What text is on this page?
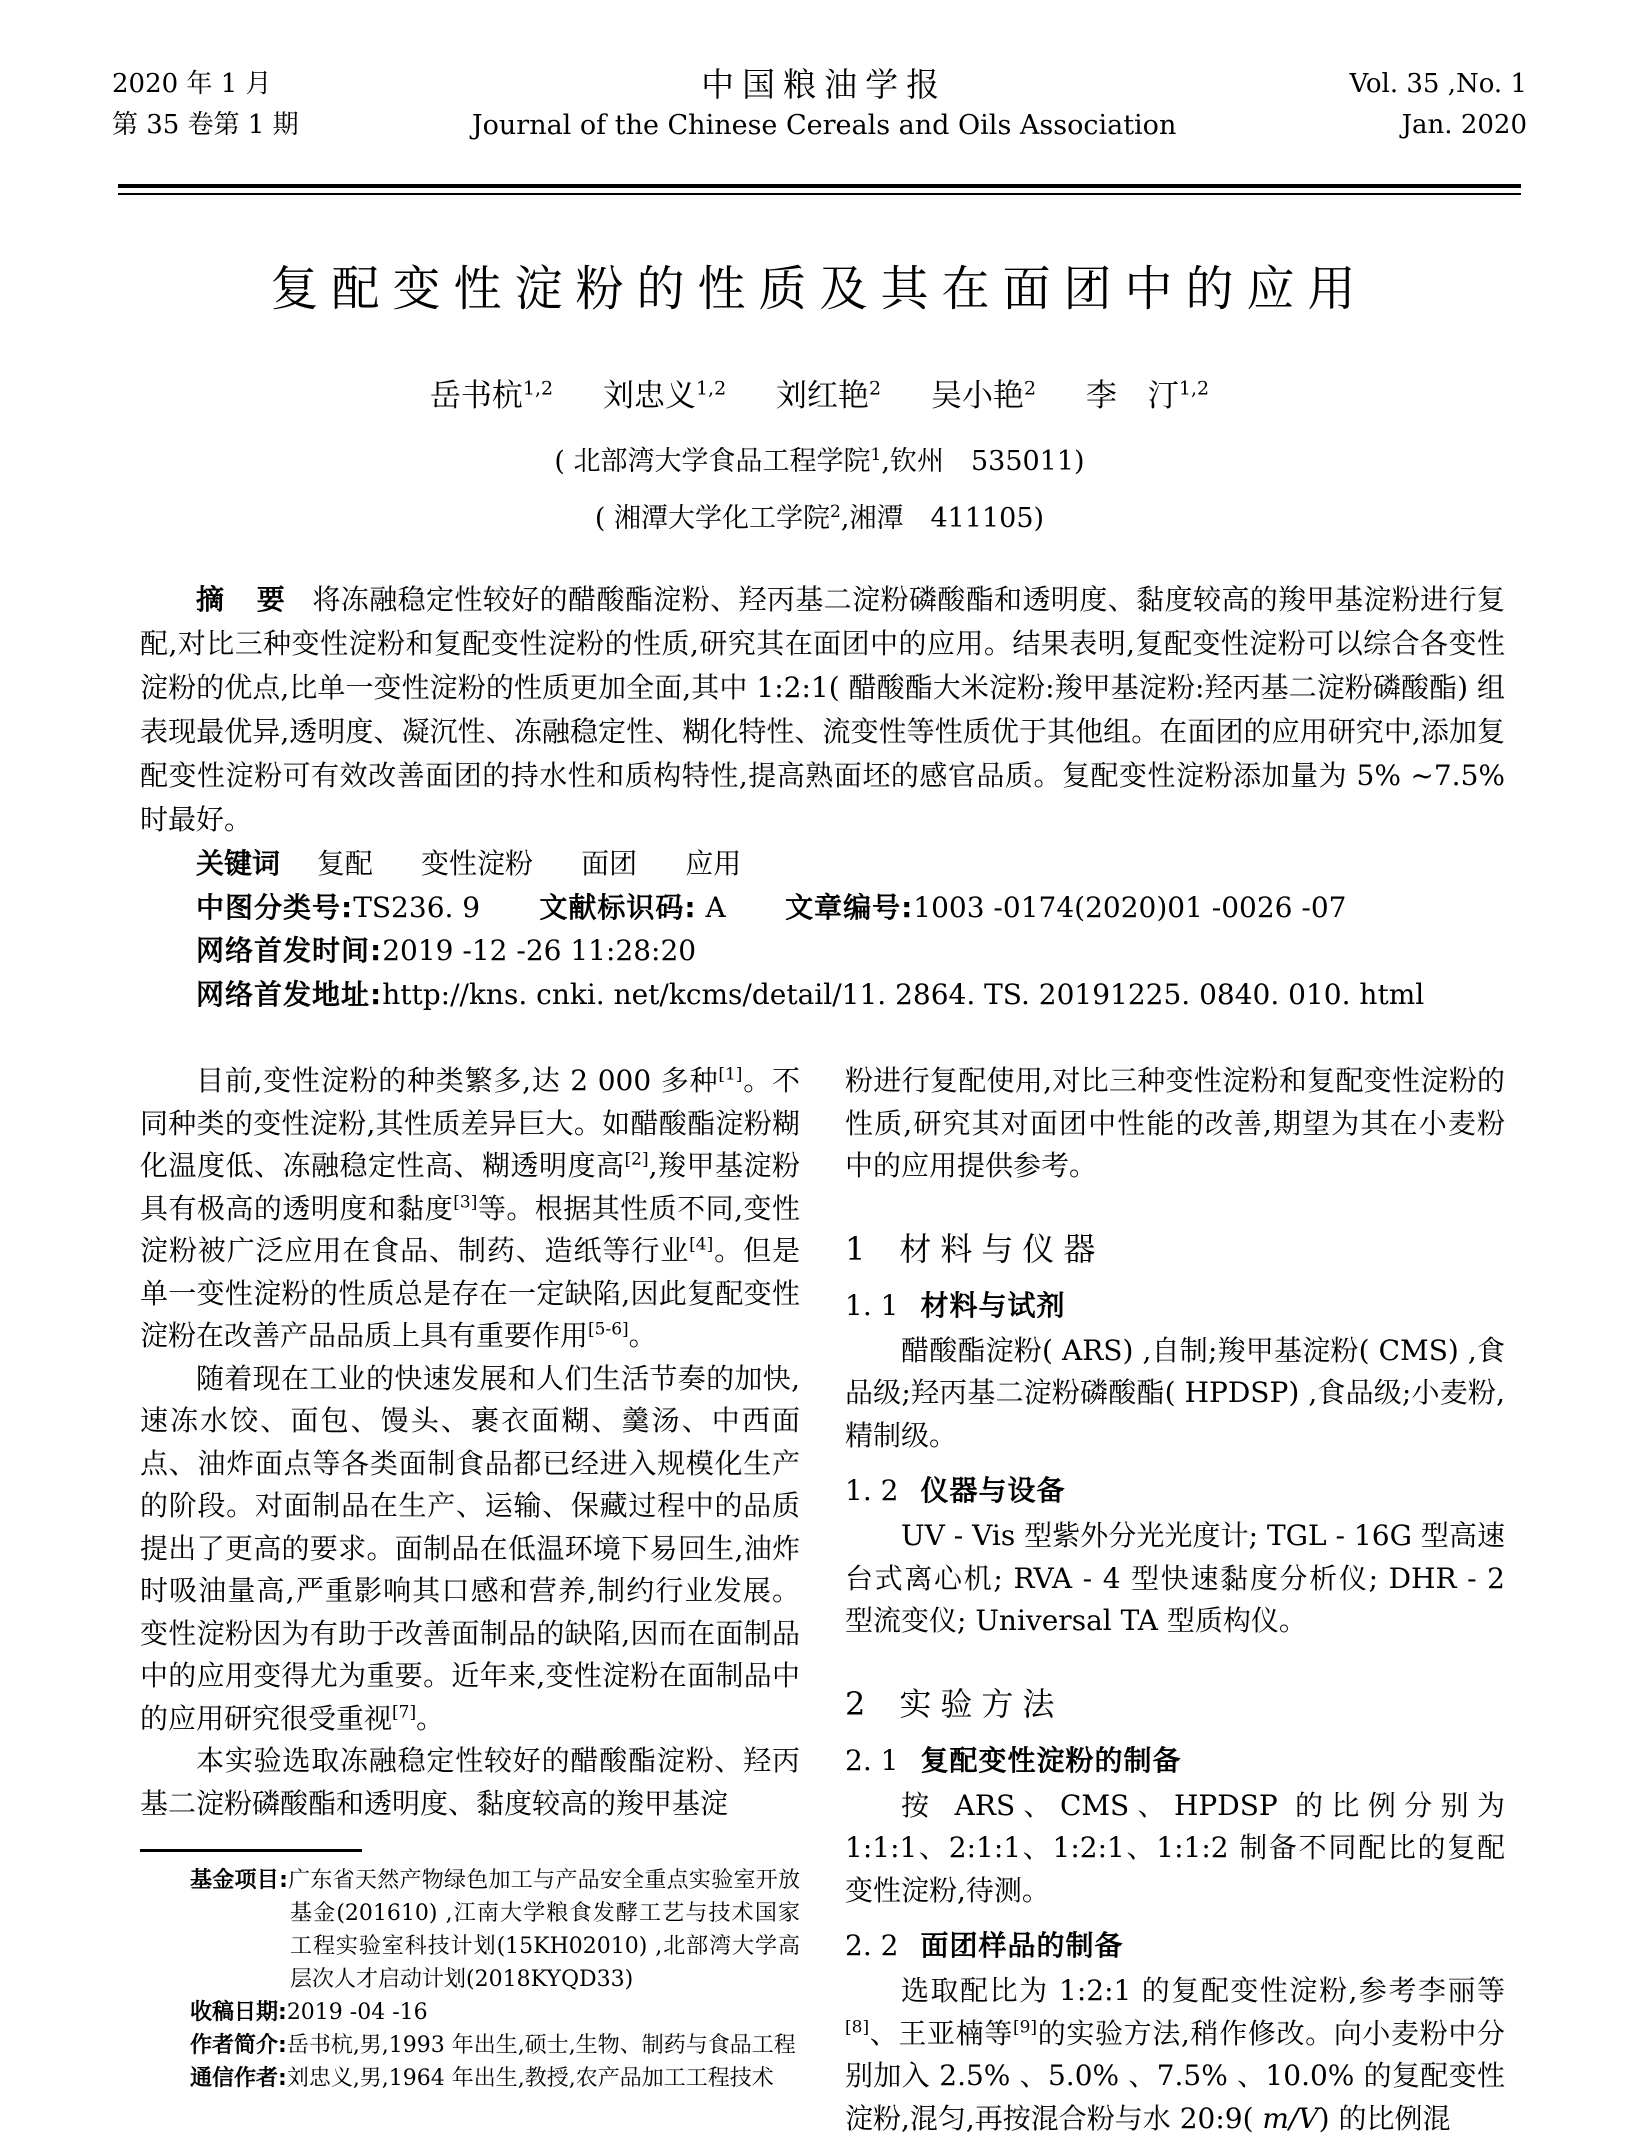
2020 年 1 月
第 35 卷第 1 期
中国粮油学报
Journal of the Chinese Cereals and Oils Association
Vol. 35 ,No. 1
Jan. 2020
复配变性淀粉的性质及其在面团中的应用
岳书杭$^{1,2}$ 刘忠义$^{1,2}$ 刘红艳$^2$ 吴小艳$^2$ 李　汀$^{1,2}$
( 北部湾大学食品工程学院$^1$,钦州　535011)
( 湘潭大学化工学院$^2$,湘潭　411105)

摘　要 将冻融稳定性较好的醋酸酯淀粉、羟丙基二淀粉磷酸酯和透明度、黏度较高的羧甲基淀粉进行复配,对比三种变性淀粉和复配变性淀粉的性质,研究其在面团中的应用。结果表明,复配变性淀粉可以综合各变性淀粉的优点,比单一变性淀粉的性质更加全面,其中 1:2:1( 醋酸酯大米淀粉:羧甲基淀粉:羟丙基二淀粉磷酸酯) 组表现最优异,透明度、凝沉性、冻融稳定性、糊化特性、流变性等性质优于其他组。在面团的应用研究中,添加复配变性淀粉可有效改善面团的持水性和质构特性,提高熟面坯的感官品质。复配变性淀粉添加量为 5% ~7.5% 时最好。

关键词 复配 变性淀粉 面团 应用

中图分类号:TS236. 9 文献标识码: A 文章编号:1003 -0174(2020)01 -0026 -07

网络首发时间:2019 -12 -26 11:28:20

网络首发地址:http://kns. cnki. net/kcms/detail/11. 2864. TS. 20191225. 0840. 010. html

目前,变性淀粉的种类繁多,达 2 000 多种[1]。不同种类的变性淀粉,其性质差异巨大。如醋酸酯淀粉糊化温度低、冻融稳定性高、糊透明度高[2],羧甲基淀粉具有极高的透明度和黏度[3]等。根据其性质不同,变性淀粉被广泛应用在食品、制药、造纸等行业[4]。但是单一变性淀粉的性质总是存在一定缺陷,因此复配变性淀粉在改善产品品质上具有重要作用[5-6]。

随着现在工业的快速发展和人们生活节奏的加快,速冻水饺、面包、馒头、裹衣面糊、羹汤、中西面点、油炸面点等各类面制食品都已经进入规模化生产的阶段。对面制品在生产、运输、保藏过程中的品质提出了更高的要求。面制品在低温环境下易回生,油炸时吸油量高,严重影响其口感和营养,制约行业发展。变性淀粉因为有助于改善面制品的缺陷,因而在面制品中的应用变得尤为重要。近年来,变性淀粉在面制品中的应用研究很受重视[7]。

本实验选取冻融稳定性较好的醋酸酯淀粉、羟丙基二淀粉磷酸酯和透明度、黏度较高的羧甲基淀

基金项目:广东省天然产物绿色加工与产品安全重点实验室开放基金(201610) ,江南大学粮食发酵工艺与技术国家工程实验室科技计划(15KH02010) ,北部湾大学高层次人才启动计划(2018KYQD33)
收稿日期:2019 -04 -16
作者简介:岳书杭,男,1993 年出生,硕士,生物、制药与食品工程
通信作者:刘忠义,男,1964 年出生,教授,农产品加工工程技术

粉进行复配使用,对比三种变性淀粉和复配变性淀粉的性质,研究其对面团中性能的改善,期望为其在小麦粉中的应用提供参考。

1 材料与仪器
1. 1 材料与试剂

醋酸酯淀粉( ARS) ,自制;羧甲基淀粉( CMS) ,食品级;羟丙基二淀粉磷酸酯( HPDSP) ,食品级;小麦粉,精制级。

1. 2 仪器与设备

UV - Vis 型紫外分光光度计; TGL - 16G 型高速台式离心机; RVA - 4 型快速黏度分析仪; DHR - 2 型流变仪; Universal TA 型质构仪。

2 实验方法
2. 1 复配变性淀粉的制备

按 ARS、CMS、HPDSP 的比例分别为 1:1:1、2:1:1、1:2:1、1:1:2 制备不同配比的复配变性淀粉,待测。

2. 2 面团样品的制备

选取配比为 1:2:1 的复配变性淀粉,参考李丽等[8]、王亚楠等[9]的实验方法,稍作修改。向小麦粉中分别加入 2.5% 、5.0% 、7.5% 、10.0% 的复配变性淀粉,混匀,再按混合粉与水 20:9( m/V) 的比例混
